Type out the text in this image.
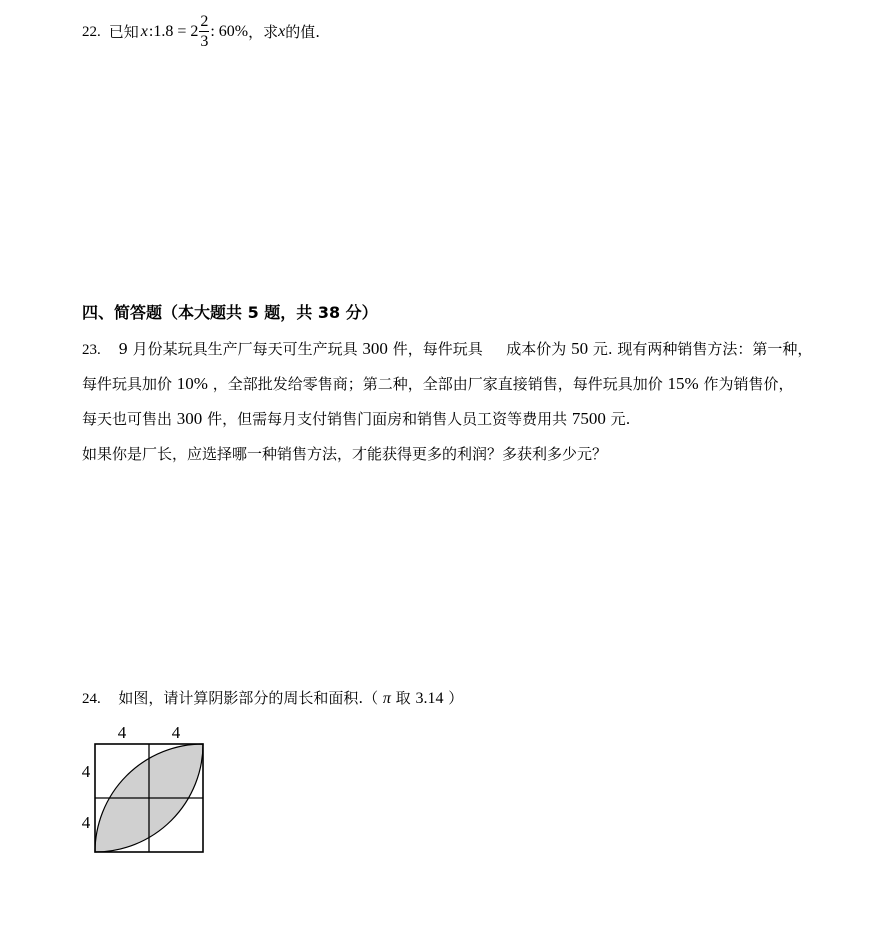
22. 已知 x :1.8 = $2 \frac{2}{3}$ : 60% ，求 x 的值.
四、简答题（本大题共 5 题，共 38 分）
23. 9 月份某玩具生产厂每天可生产玩具 300 件，每件玩具 成本价为 50 元. 现有两种销售方法：第一种，
每件玩具加价 10% ，全部批发给零售商；第二种，全部由厂家直接销售，每件玩具加价 15% 作为销售价，
每天也可售出 300 件，但需每月支付销售门面房和销售人员工资等费用共 7500 元.
如果你是厂长，应选择哪一种销售方法，才能获得更多的利润？多获利多少元？
24. 如图，请计算阴影部分的周长和面积.（ π 取 3.14 ）
4	4
4
4
